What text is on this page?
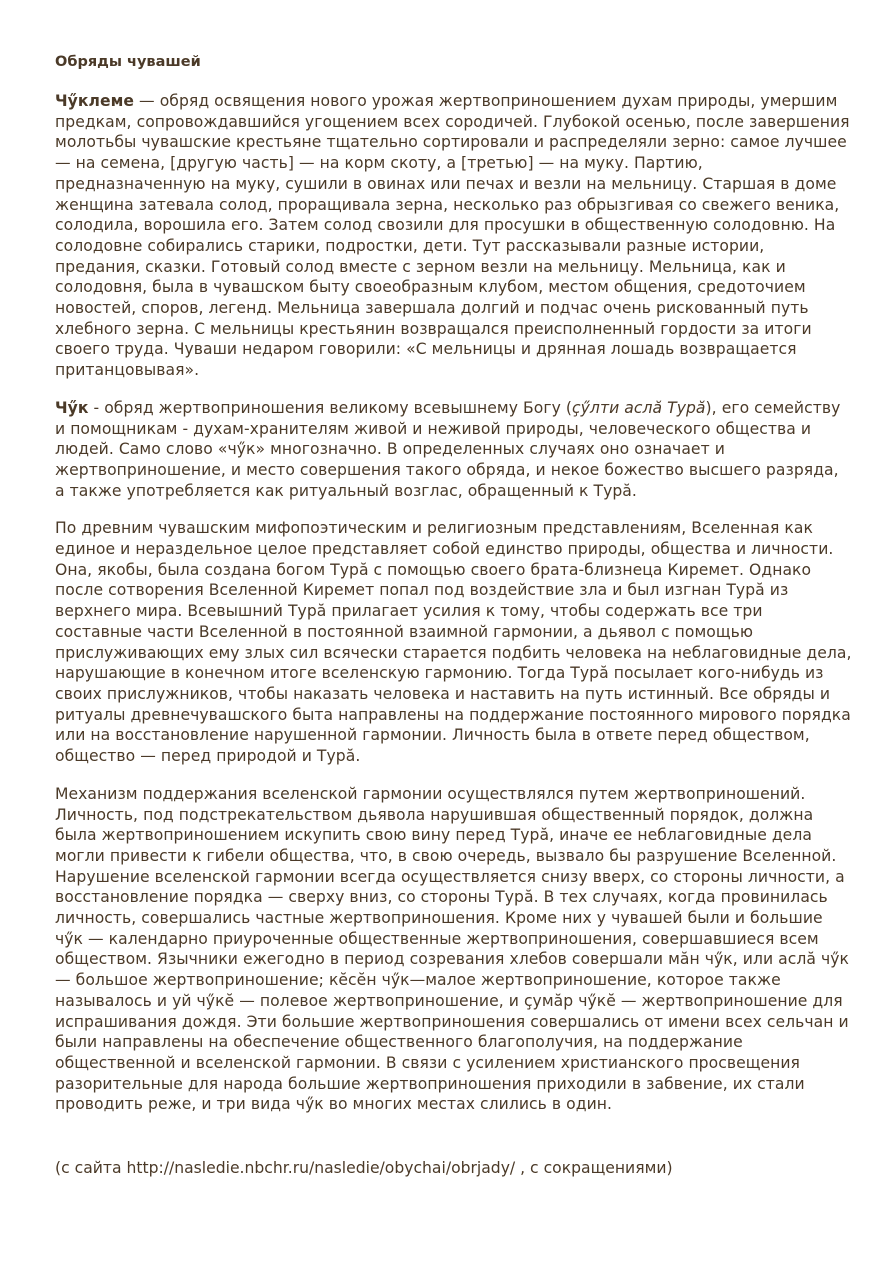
Обряды чувашей

Чӳклеме — обряд освящения нового урожая жертвоприношением духам природы, умершим предкам, сопровождавшийся угощением всех сородичей. Глубокой осенью, после завершения молотьбы чувашские крестьяне тщательно сортировали и распределяли зерно: самое лучшее — на семена, [другую часть] — на корм скоту, а [третью] — на муку. Партию, предназначенную на муку, сушили в овинах или печах и везли на мельницу. Старшая в доме женщина затевала солод, проращивала зерна, несколько раз обрызгивая со свежего веника, солодила, ворошила его. Затем солод свозили для просушки в общественную солодовню. На солодовне собирались старики, подростки, дети. Тут рассказывали разные истории, предания, сказки. Готовый солод вместе с зерном везли на мельницу. Мельница, как и солодовня, была в чувашском быту своеобразным клубом, местом общения, средоточием новостей, споров, легенд. Мельница завершала долгий и подчас очень рискованный путь хлебного зерна. С мельницы крестьянин возвращался преисполненный гордости за итоги своего труда. Чуваши недаром говорили: «С мельницы и дрянная лошадь возвращается пританцовывая».

Чӳк - обряд жертвоприношения великому всевышнему Богу (ҫӳлти аслӑ Турӑ), его семейству и помощникам - духам-хранителям живой и неживой природы, человеческого общества и людей. Само слово «чӳк» многозначно. В определенных случаях оно означает и жертвоприношение, и место совершения такого обряда, и некое божество высшего разряда, а также употребляется как ритуальный возглас, обращенный к Турӑ.

По древним чувашским мифопоэтическим и религиозным представлениям, Вселенная как единое и нераздельное целое представляет собой единство природы, общества и личности. Она, якобы, была создана богом Турӑ с помощью своего брата-близнеца Киремет. Однако после сотворения Вселенной Киремет попал под воздействие зла и был изгнан Турӑ из верхнего мира. Всевышний Турӑ прилагает усилия к тому, чтобы содержать все три составные части Вселенной в постоянной взаимной гармонии, а дьявол с помощью прислуживающих ему злых сил всячески старается подбить человека на неблаговидные дела, нарушающие в конечном итоге вселенскую гармонию. Тогда Турӑ посылает кого-нибудь из своих прислужников, чтобы наказать человека и наставить на путь истинный. Все обряды и ритуалы древнечувашского быта направлены на поддержание постоянного мирового порядка или на восстановление нарушенной гармонии. Личность была в ответе перед обществом, общество — перед природой и Турӑ.

Механизм поддержания вселенской гармонии осуществлялся путем жертвоприношений. Личность, под подстрекательством дьявола нарушившая общественный порядок, должна была жертвоприношением искупить свою вину перед Турӑ, иначе ее неблаговидные дела могли привести к гибели общества, что, в свою очередь, вызвало бы разрушение Вселенной. Нарушение вселенской гармонии всегда осуществляется снизу вверх, со стороны личности, а восстановление порядка — сверху вниз, со стороны Турӑ. В тех случаях, когда провинилась личность, совершались частные жертвоприношения. Кроме них у чувашей были и большие чӳк — календарно приуроченные общественные жертвоприношения, совершавшиеся всем обществом. Язычники ежегодно в период созревания хлебов совершали мӑн чӳк, или аслӑ чӳк — большое жертвоприношение; кӗсӗн чӳк—малое жертвоприношение, которое также называлось и уй чӳкӗ — полевое жертвоприношение, и ҫумӑр чӳкӗ — жертвоприношение для испрашивания дождя. Эти большие жертвоприношения совершались от имени всех сельчан и были направлены на обеспечение общественного благополучия, на поддержание общественной и вселенской гармонии. В связи с усилением христианского просвещения разорительные для народа большие жертвоприношения приходили в забвение, их стали проводить реже, и три вида чӳк во многих местах слились в один.

(с сайта http://nasledie.nbchr.ru/nasledie/obychai/obrjady/ , с сокращениями)
